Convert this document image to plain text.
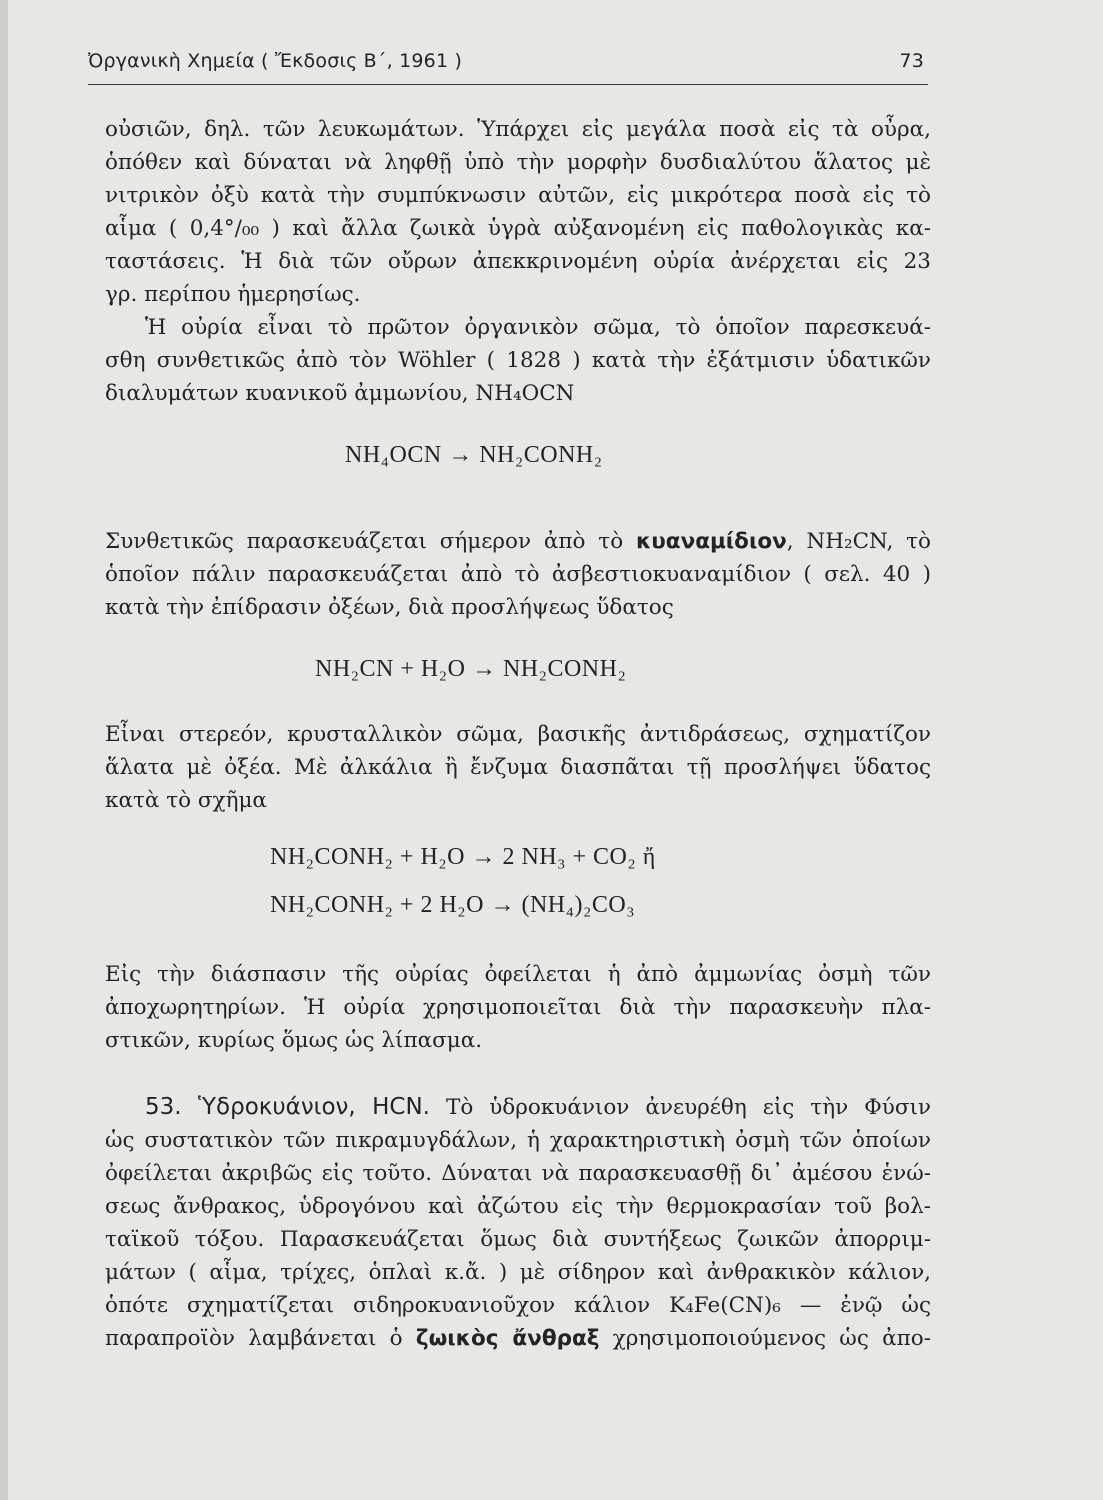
Ὀργανικὴ Χημεία ( Ἔκδοσις Β΄, 1961 )	73
οὐσιῶν, δηλ. τῶν λευκωμάτων. Ὑπάρχει εἰς μεγάλα ποσὰ εἰς τὰ οὖρα,
ὁπόθεν καὶ δύναται νὰ ληφθῇ ὑπὸ τὴν μορφὴν δυσδιαλύτου ἅλατος μὲ
νιτρικὸν ὀξὺ κατὰ τὴν συμπύκνωσιν αὐτῶν, εἰς μικρότερα ποσὰ εἰς τὸ
αἷμα ( 0,4°/₀₀ ) καὶ ἄλλα ζωικὰ ὑγρὰ αὐξανομένη εἰς παθολογικὰς κα-
ταστάσεις. Ἡ διὰ τῶν οὔρων ἀπεκκρινομένη οὐρία ἀνέρχεται εἰς 23
γρ. περίπου ἡμερησίως.
Ἡ οὐρία εἶναι τὸ πρῶτον ὀργανικὸν σῶμα, τὸ ὁποῖον παρεσκευά-
σθη συνθετικῶς ἀπὸ τὸν Wöhler ( 1828 ) κατὰ τὴν ἐξάτμισιν ὑδατικῶν
διαλυμάτων κυανικοῦ ἀμμωνίου, NH₄OCN
NH₄OCN → NH₂CONH₂
Συνθετικῶς παρασκευάζεται σήμερον ἀπὸ τὸ κυαναμίδιον, NH₂CN, τὸ
ὁποῖον πάλιν παρασκευάζεται ἀπὸ τὸ ἀσβεστιοκυαναμίδιον ( σελ. 40 )
κατὰ τὴν ἐπίδρασιν ὀξέων, διὰ προσλήψεως ὕδατος
NH₂CN + H₂O → NH₂CONH₂
Εἶναι στερεόν, κρυσταλλικὸν σῶμα, βασικῆς ἀντιδράσεως, σχηματίζον
ἅλατα μὲ ὀξέα. Μὲ ἀλκάλια ἢ ἔνζυμα διασπᾶται τῇ προσλήψει ὕδατος
κατὰ τὸ σχῆμα
NH₂CONH₂ + H₂O → 2 NH₃ + CO₂ ἤ
NH₂CONH₂ + 2 H₂O → (NH₄)₂CO₃
Εἰς τὴν διάσπασιν τῆς οὐρίας ὀφείλεται ἡ ἀπὸ ἀμμωνίας ὀσμὴ τῶν
ἀποχωρητηρίων. Ἡ οὐρία χρησιμοποιεῖται διὰ τὴν παρασκευὴν πλα-
στικῶν, κυρίως ὅμως ὡς λίπασμα.
53. Ὑδροκυάνιον, HCN. Τὸ ὑδροκυάνιον ἀνευρέθη εἰς τὴν Φύσιν
ὡς συστατικὸν τῶν πικραμυγδάλων, ἡ χαρακτηριστικὴ ὀσμὴ τῶν ὁποίων
ὀφείλεται ἀκριβῶς εἰς τοῦτο. Δύναται νὰ παρασκευασθῇ δι᾽ ἀμέσου ἑνώ-
σεως ἄνθρακος, ὑδρογόνου καὶ ἀζώτου εἰς τὴν θερμοκρασίαν τοῦ βολ-
ταϊκοῦ τόξου. Παρασκευάζεται ὅμως διὰ συντήξεως ζωικῶν ἀπορριμ-
μάτων ( αἷμα, τρίχες, ὁπλαὶ κ.ἄ. ) μὲ σίδηρον καὶ ἀνθρακικὸν κάλιον,
ὁπότε σχηματίζεται σιδηροκυανιοῦχον κάλιον K₄Fe(CN)₆ — ἐνῷ ὡς
παραπροϊὸν λαμβάνεται ὁ ζωικὸς ἄνθραξ χρησιμοποιούμενος ὡς ἀπο-
